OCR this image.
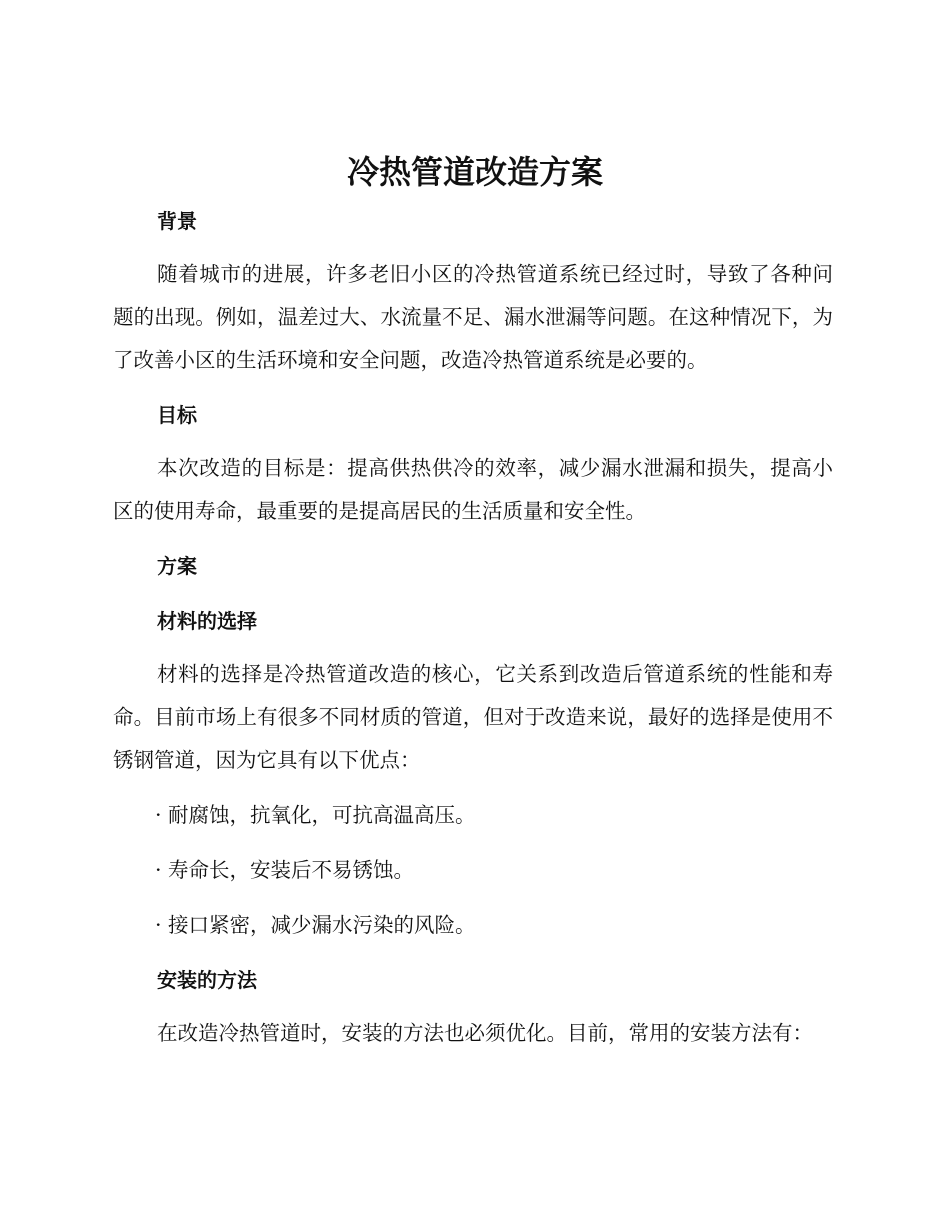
冷热管道改造方案
背景

随着城市的进展，许多老旧小区的冷热管道系统已经过时，导致了各种问题的出现。例如，温差过大、水流量不足、漏水泄漏等问题。在这种情况下，为了改善小区的生活环境和安全问题，改造冷热管道系统是必要的。

目标

本次改造的目标是：提高供热供冷的效率，减少漏水泄漏和损失，提高小区的使用寿命，最重要的是提高居民的生活质量和安全性。

方案
材料的选择

材料的选择是冷热管道改造的核心，它关系到改造后管道系统的性能和寿命。目前市场上有很多不同材质的管道，但对于改造来说，最好的选择是使用不锈钢管道，因为它具有以下优点：

· 耐腐蚀，抗氧化，可抗高温高压。

· 寿命长，安装后不易锈蚀。

· 接口紧密，减少漏水污染的风险。

安装的方法

在改造冷热管道时，安装的方法也必须优化。目前，常用的安装方法有：
